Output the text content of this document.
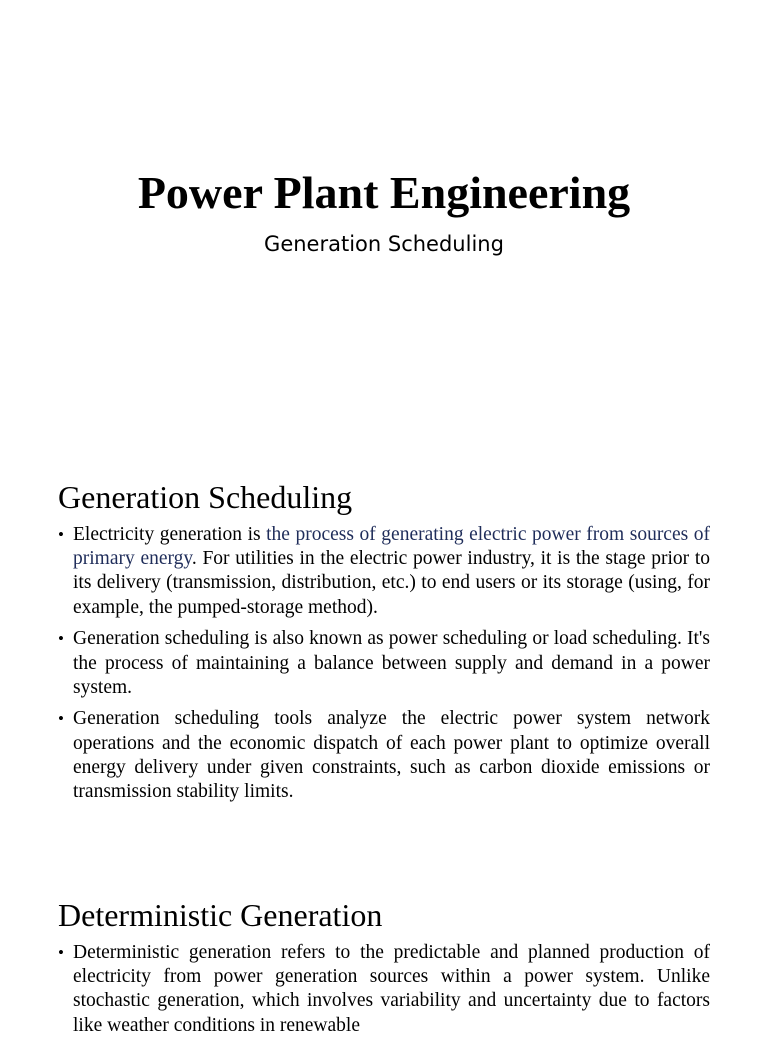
Power Plant Engineering
Generation Scheduling
Generation Scheduling
• Electricity generation is the process of generating electric power from sources of primary energy. For utilities in the electric power industry, it is the stage prior to its delivery (transmission, distribution, etc.) to end users or its storage (using, for example, the pumped-storage method).
• Generation scheduling is also known as power scheduling or load scheduling. It's the process of maintaining a balance between supply and demand in a power system.
• Generation scheduling tools analyze the electric power system network operations and the economic dispatch of each power plant to optimize overall energy delivery under given constraints, such as carbon dioxide emissions or transmission stability limits.
Deterministic Generation
• Deterministic generation refers to the predictable and planned production of electricity from power generation sources within a power system. Unlike stochastic generation, which involves variability and uncertainty due to factors like weather conditions in renewable
